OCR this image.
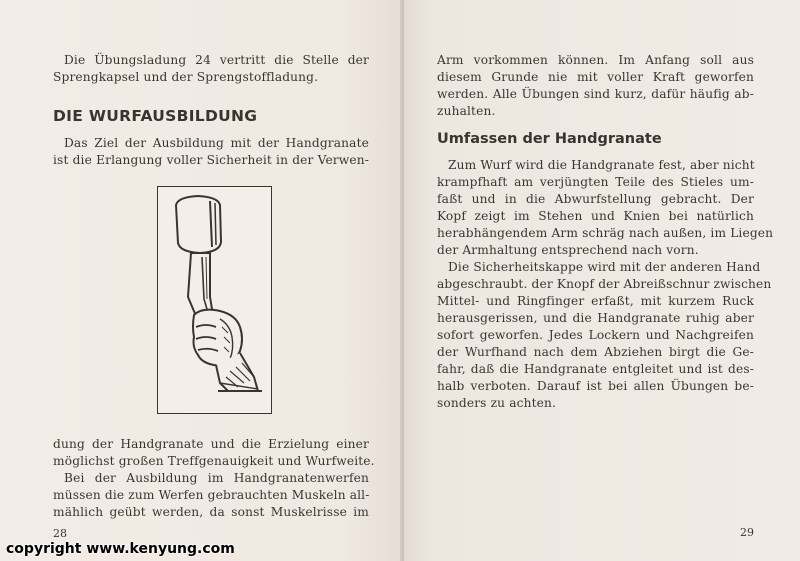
Die Übungsladung 24 vertritt die Stelle der
Sprengkapsel und der Sprengstoffladung.
DIE WURFAUSBILDUNG
Das Ziel der Ausbildung mit der Handgranate
ist die Erlangung voller Sicherheit in der Verwen-
dung der Handgranate und die Erzielung einer
möglichst großen Treffgenauigkeit und Wurfweite.
Bei der Ausbildung im Handgranatenwerfen
müssen die zum Werfen gebrauchten Muskeln all-
mählich geübt werden, da sonst Muskelrisse im
28
Arm vorkommen können. Im Anfang soll aus
diesem Grunde nie mit voller Kraft geworfen
werden. Alle Übungen sind kurz, dafür häufig ab-
zuhalten.
Umfassen der Handgranate
Zum Wurf wird die Handgranate fest, aber nicht
krampfhaft am verjüngten Teile des Stieles um-
faßt und in die Abwurfstellung gebracht. Der
Kopf zeigt im Stehen und Knien bei natürlich
herabhängendem Arm schräg nach außen, im Liegen
der Armhaltung entsprechend nach vorn.
Die Sicherheitskappe wird mit der anderen Hand
abgeschraubt. der Knopf der Abreißschnur zwischen
Mittel- und Ringfinger erfaßt, mit kurzem Ruck
herausgerissen, und die Handgranate ruhig aber
sofort geworfen. Jedes Lockern und Nachgreifen
der Wurfhand nach dem Abziehen birgt die Ge-
fahr, daß die Handgranate entgleitet und ist des-
halb verboten. Darauf ist bei allen Übungen be-
sonders zu achten.
29
copyright www.kenyung.com
